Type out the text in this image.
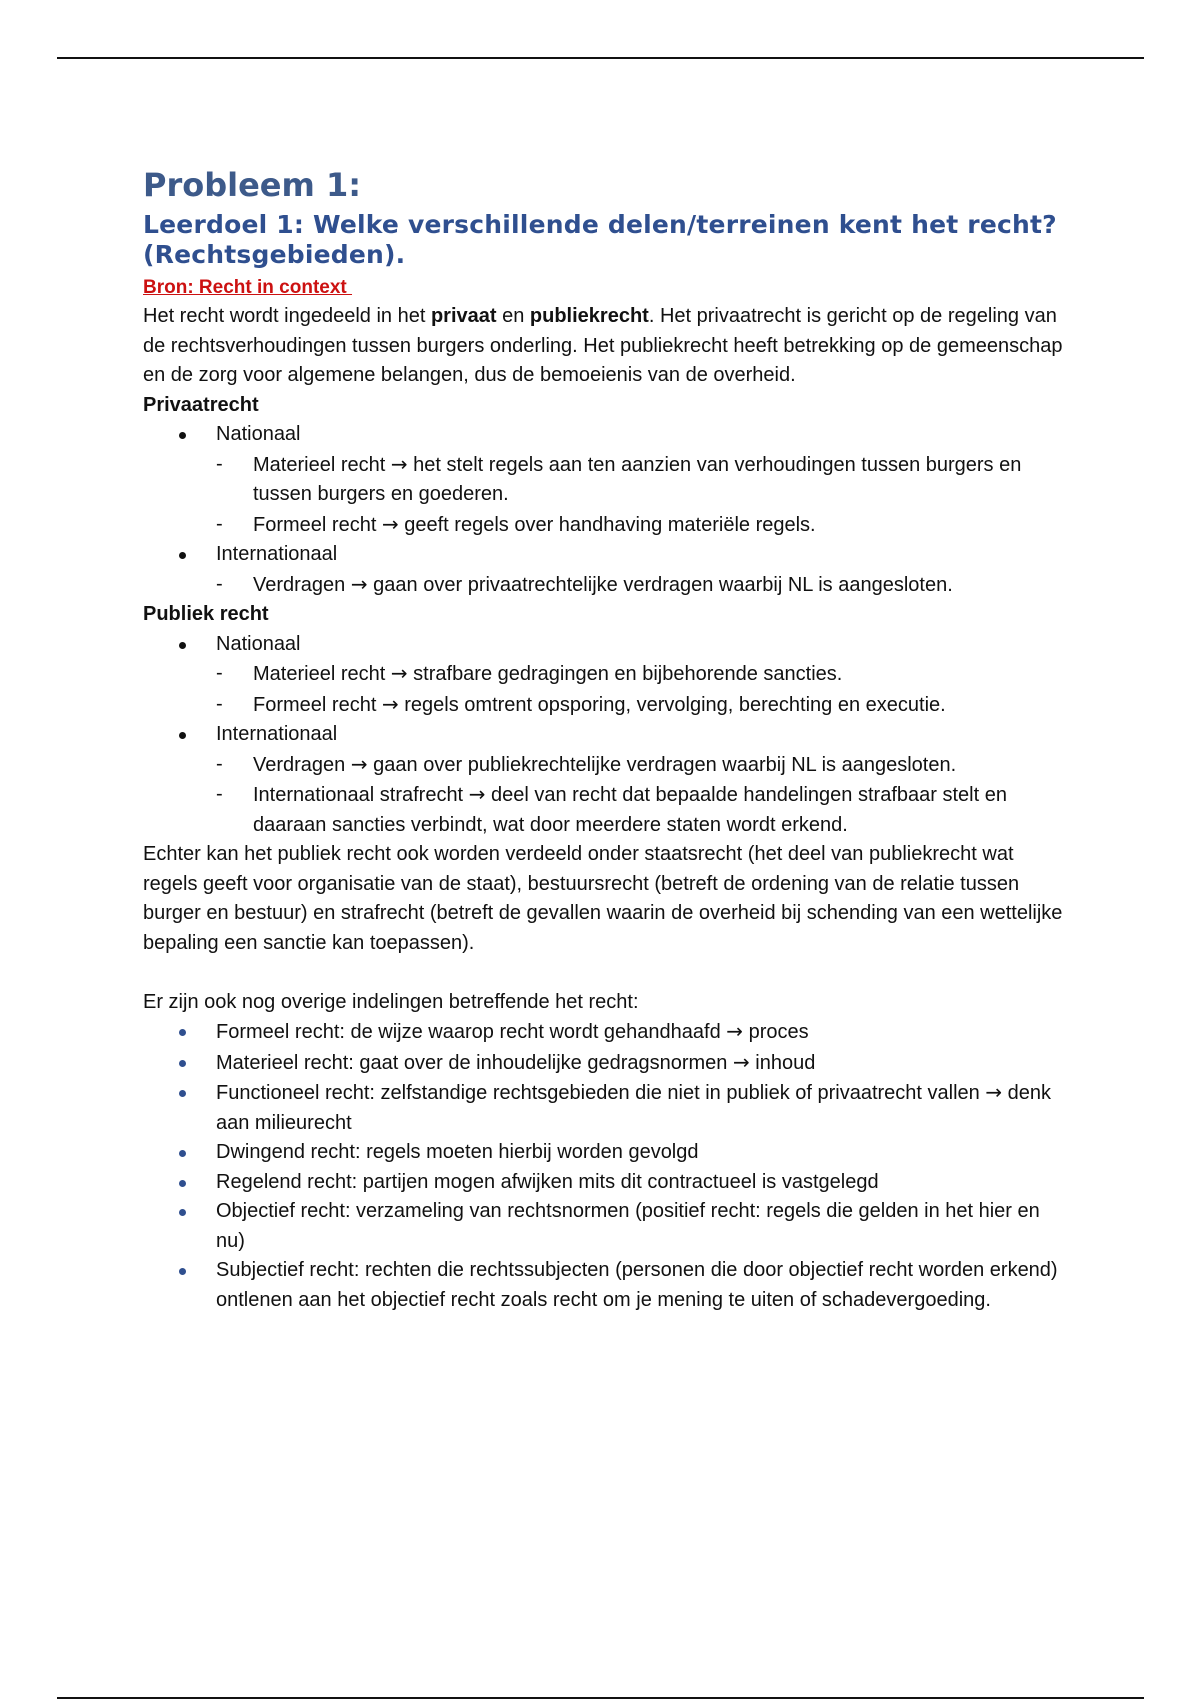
Probleem 1:
Leerdoel 1: Welke verschillende delen/terreinen kent het recht? (Rechtsgebieden).
Bron: Recht in context

Het recht wordt ingedeeld in het privaat en publiekrecht. Het privaatrecht is gericht op de regeling van de rechtsverhoudingen tussen burgers onderling. Het publiekrecht heeft betrekking op de gemeenschap en de zorg voor algemene belangen, dus de bemoeienis van de overheid.

Privaatrecht
Nationaal
- Materieel recht → het stelt regels aan ten aanzien van verhoudingen tussen burgers en tussen burgers en goederen.
- Formeel recht → geeft regels over handhaving materiële regels.
Internationaal
- Verdragen → gaan over privaatrechtelijke verdragen waarbij NL is aangesloten.
Publiek recht
Nationaal
- Materieel recht → strafbare gedragingen en bijbehorende sancties.
- Formeel recht → regels omtrent opsporing, vervolging, berechting en executie.
Internationaal
- Verdragen → gaan over publiekrechtelijke verdragen waarbij NL is aangesloten.
- Internationaal strafrecht → deel van recht dat bepaalde handelingen strafbaar stelt en daaraan sancties verbindt, wat door meerdere staten wordt erkend.

Echter kan het publiek recht ook worden verdeeld onder staatsrecht (het deel van publiekrecht wat regels geeft voor organisatie van de staat), bestuursrecht (betreft de ordening van de relatie tussen burger en bestuur) en strafrecht (betreft de gevallen waarin de overheid bij schending van een wettelijke bepaling een sanctie kan toepassen).

Er zijn ook nog overige indelingen betreffende het recht:

Formeel recht: de wijze waarop recht wordt gehandhaafd → proces
Materieel recht: gaat over de inhoudelijke gedragsnormen → inhoud
Functioneel recht: zelfstandige rechtsgebieden die niet in publiek of privaatrecht vallen → denk aan milieurecht
Dwingend recht: regels moeten hierbij worden gevolgd
Regelend recht: partijen mogen afwijken mits dit contractueel is vastgelegd
Objectief recht: verzameling van rechtsnormen (positief recht: regels die gelden in het hier en nu)
Subjectief recht: rechten die rechtssubjecten (personen die door objectief recht worden erkend) ontlenen aan het objectief recht zoals recht om je mening te uiten of schadevergoeding.
